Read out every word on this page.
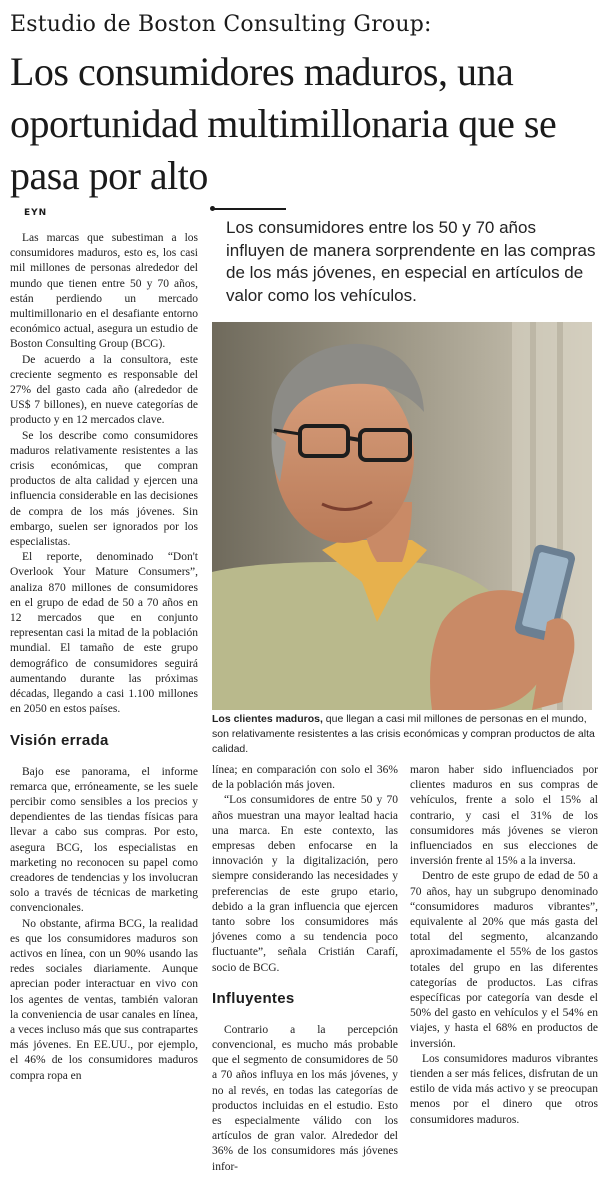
Estudio de Boston Consulting Group:
Los consumidores maduros, una oportunidad multimillonaria que se pasa por alto
EYN
Los consumidores entre los 50 y 70 años influyen de manera sorprendente en las compras de los más jóvenes, en especial en artículos de valor como los vehículos.
Los clientes maduros, que llegan a casi mil millones de personas en el mundo, son relativamente resistentes a las crisis económicas y compran productos de alta calidad.

Las marcas que subestiman a los consumidores maduros, esto es, los casi mil millones de personas alrededor del mundo que tienen entre 50 y 70 años, están perdiendo un mercado multimillonario en el desafiante entorno económico actual, asegura un estudio de Boston Consulting Group (BCG).

De acuerdo a la consultora, este creciente segmento es responsable del 27% del gasto cada año (alrededor de US$ 7 billones), en nueve categorías de producto y en 12 mercados clave.

Se los describe como consumidores maduros relativamente resistentes a las crisis económicas, que compran productos de alta calidad y ejercen una influencia considerable en las decisiones de compra de los más jóvenes. Sin embargo, suelen ser ignorados por los especialistas.

El reporte, denominado “Don't Overlook Your Mature Consumers”, analiza 870 millones de consumidores en el grupo de edad de 50 a 70 años en 12 mercados que en conjunto representan casi la mitad de la población mundial. El tamaño de este grupo demográfico de consumidores seguirá aumentando durante las próximas décadas, llegando a casi 1.100 millones en 2050 en estos países.

Visión errada

Bajo ese panorama, el informe remarca que, erróneamente, se les suele percibir como sensibles a los precios y dependientes de las tiendas físicas para llevar a cabo sus compras. Por esto, asegura BCG, los especialistas en marketing no reconocen su papel como creadores de tendencias y los involucran solo a través de técnicas de marketing convencionales.

No obstante, afirma BCG, la realidad es que los consumidores maduros son activos en línea, con un 90% usando las redes sociales diariamente. Aunque aprecian poder interactuar en vivo con los agentes de ventas, también valoran la conveniencia de usar canales en línea, a veces incluso más que sus contrapartes más jóvenes. En EE.UU., por ejemplo, el 46% de los consumidores maduros compra ropa en

línea; en comparación con solo el 36% de la población más joven.

“Los consumidores de entre 50 y 70 años muestran una mayor lealtad hacia una marca. En este contexto, las empresas deben enfocarse en la innovación y la digitalización, pero siempre considerando las necesidades y preferencias de este grupo etario, debido a la gran influencia que ejercen tanto sobre los consumidores más jóvenes como a su tendencia poco fluctuante”, señala Cristián Carafí, socio de BCG.

Influyentes

Contrario a la percepción convencional, es mucho más probable que el segmento de consumidores de 50 a 70 años influya en los más jóvenes, y no al revés, en todas las categorías de productos incluidas en el estudio. Esto es especialmente válido con los artículos de gran valor. Alrededor del 36% de los consumidores más jóvenes infor-

maron haber sido influenciados por clientes maduros en sus compras de vehículos, frente a solo el 15% al contrario, y casi el 31% de los consumidores más jóvenes se vieron influenciados en sus elecciones de inversión frente al 15% a la inversa.

Dentro de este grupo de edad de 50 a 70 años, hay un subgrupo denominado “consumidores maduros vibrantes”, equivalente al 20% que más gasta del total del segmento, alcanzando aproximadamente el 55% de los gastos totales del grupo en las diferentes categorías de productos. Las cifras específicas por categoría van desde el 50% del gasto en vehículos y el 54% en viajes, y hasta el 68% en productos de inversión.

Los consumidores maduros vibrantes tienden a ser más felices, disfrutan de un estilo de vida más activo y se preocupan menos por el dinero que otros consumidores maduros.
